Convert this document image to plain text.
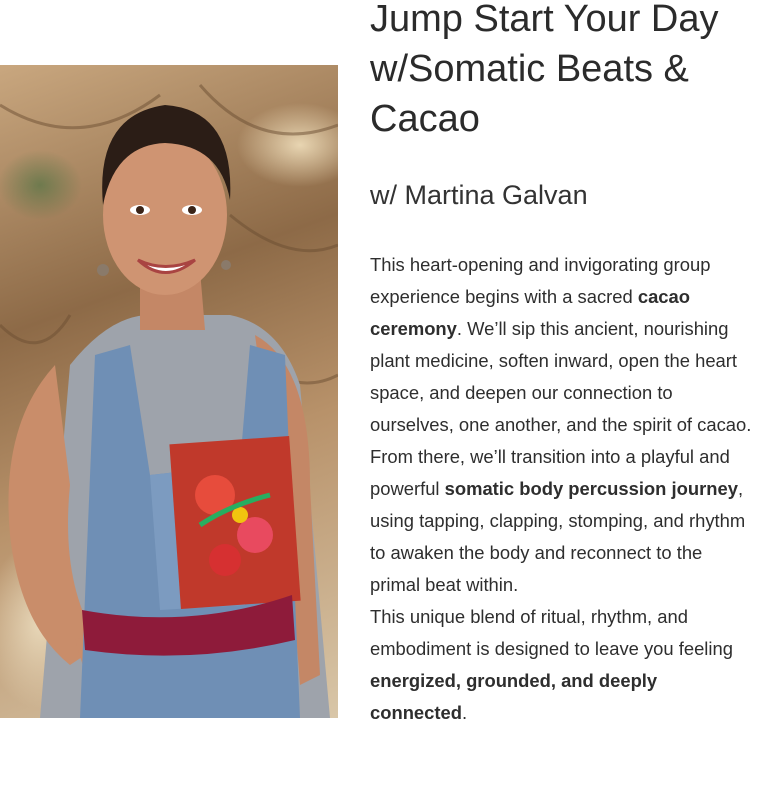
Jump Start Your Day w/Somatic Beats & Cacao
w/ Martina Galvan

This heart-opening and invigorating group experience begins with a sacred cacao ceremony. We’ll sip this ancient, nourishing plant medicine, soften inward, open the heart space, and deepen our connection to ourselves, one another, and the spirit of cacao.

From there, we’ll transition into a playful and powerful somatic body percussion journey, using tapping, clapping, stomping, and rhythm to awaken the body and reconnect to the primal beat within.

This unique blend of ritual, rhythm, and embodiment is designed to leave you feeling energized, grounded, and deeply connected.
